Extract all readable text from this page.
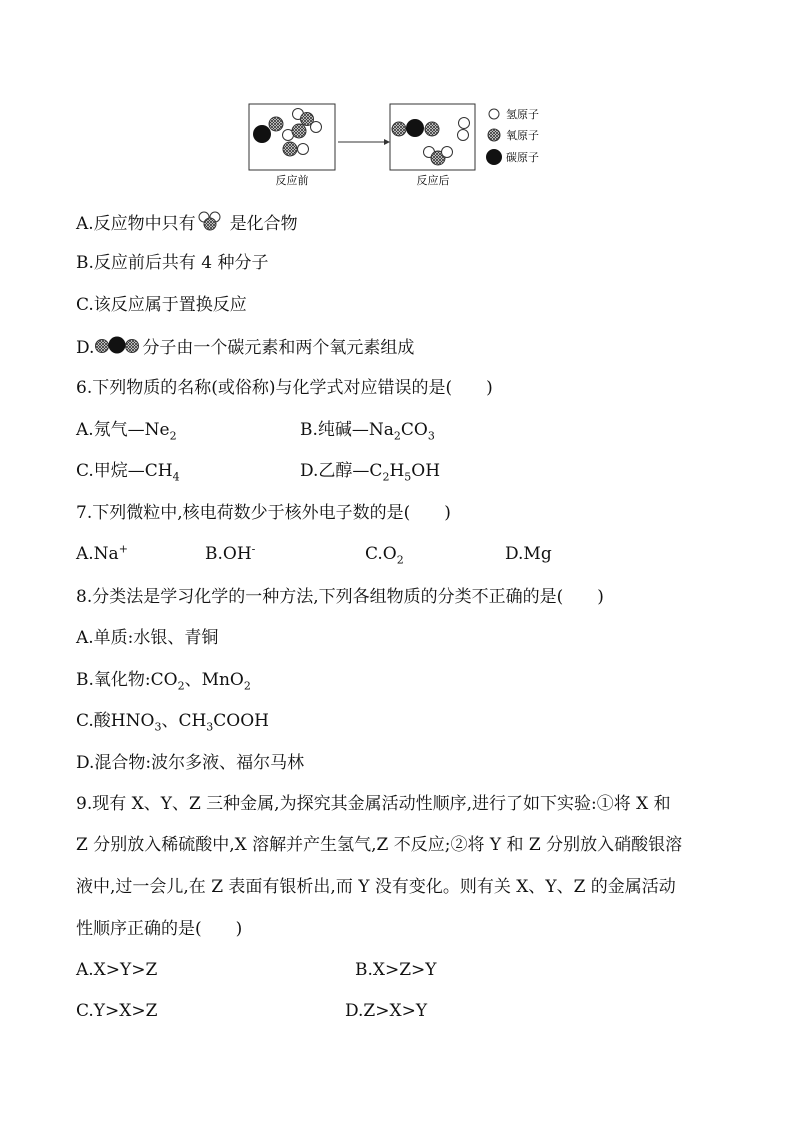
反应前	反应后
氢原子
氧原子
碳原子
A.反应物中只有 是化合物
B.反应前后共有 4 种分子
C.该反应属于置换反应
D.	分子由一个碳元素和两个氧元素组成
6.下列物质的名称(或俗称)与化学式对应错误的是(　　)
A.氖气$—Ne_2$	B.纯碱$—Na_2CO_3$
C.甲烷$—CH_4$	D.乙醇$—C_2H_5OH$
7.下列微粒中,核电荷数少于核外电子数的是(　　)
A.Na+	B.OH-	$C.O_2$	D.Mg
8.分类法是学习化学的一种方法,下列各组物质的分类不正确的是(　　)
A.单质:水银、青铜
B.氧化物$:CO_2$、MnO$_2$
C.酸$HNO_3$、$CH_3COOH$
D.混合物:波尔多液、福尔马林
9.现有 X、Y、Z 三种金属,为探究其金属活动性顺序,进行了如下实验:①将 X 和
Z 分别放入稀硫酸中,X 溶解并产生氢气,Z 不反应;②将 Y 和 Z 分别放入硝酸银溶
液中,过一会儿,在 Z 表面有银析出,而 Y 没有变化。则有关 X、Y、Z 的金属活动
性顺序正确的是(　　)
A.X>Y>Z	B.X>Z>Y
C.Y>X>Z	D.Z>X>Y
